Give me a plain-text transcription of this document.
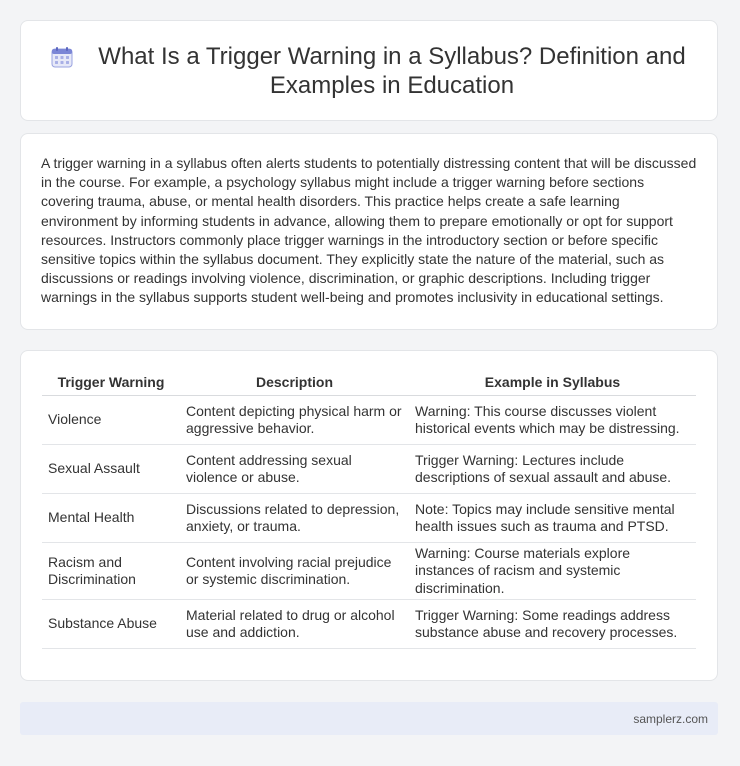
What Is a Trigger Warning in a Syllabus? Definition and Examples in Education

A trigger warning in a syllabus often alerts students to potentially distressing content that will be discussed in the course. For example, a psychology syllabus might include a trigger warning before sections covering trauma, abuse, or mental health disorders. This practice helps create a safe learning environment by informing students in advance, allowing them to prepare emotionally or opt for support resources. Instructors commonly place trigger warnings in the introductory section or before specific sensitive topics within the syllabus document. They explicitly state the nature of the material, such as discussions or readings involving violence, discrimination, or graphic descriptions. Including trigger warnings in the syllabus supports student well-being and promotes inclusivity in educational settings.

Trigger Warning	Description	Example in Syllabus
Violence	Content depicting physical harm or aggressive behavior.	Warning: This course discusses violent historical events which may be distressing.
Sexual Assault	Content addressing sexual violence or abuse.	Trigger Warning: Lectures include descriptions of sexual assault and abuse.
Mental Health	Discussions related to depression, anxiety, or trauma.	Note: Topics may include sensitive mental health issues such as trauma and PTSD.
Racism and Discrimination	Content involving racial prejudice or systemic discrimination.	Warning: Course materials explore instances of racism and systemic discrimination.
Substance Abuse	Material related to drug or alcohol use and addiction.	Trigger Warning: Some readings address substance abuse and recovery processes.
samplerz.com
